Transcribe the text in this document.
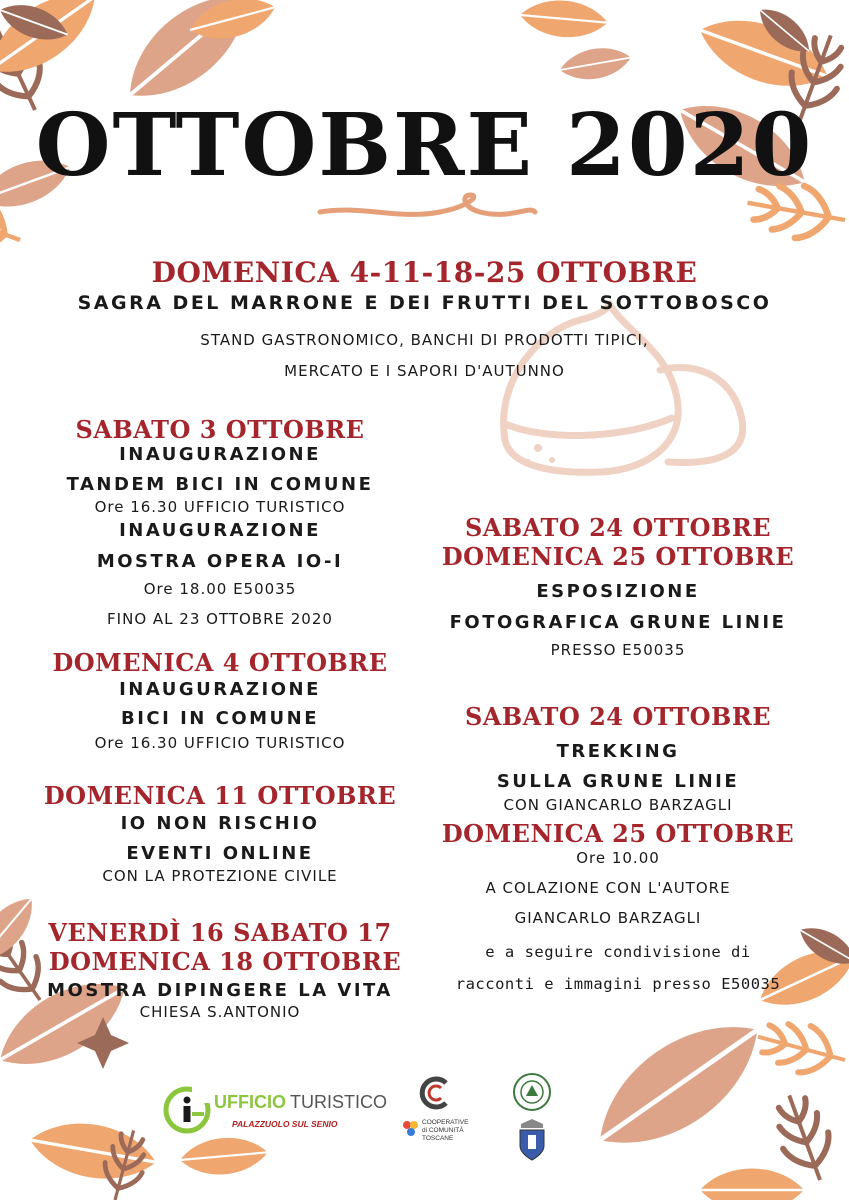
OTTOBRE 2020
DOMENICA 4-11-18-25 OTTOBRE
SAGRA DEL MARRONE E DEI FRUTTI DEL SOTTOBOSCO
STAND GASTRONOMICO, BANCHI DI PRODOTTI TIPICI,
MERCATO E I SAPORI D'AUTUNNO
SABATO 3 OTTOBRE
INAUGURAZIONE
TANDEM BICI IN COMUNE
Ore 16.30 UFFICIO TURISTICO
INAUGURAZIONE
MOSTRA OPERA IO-I
Ore 18.00 E50035
FINO AL 23 OTTOBRE 2020
DOMENICA 4 OTTOBRE
INAUGURAZIONE
BICI IN COMUNE
Ore 16.30 UFFICIO TURISTICO
DOMENICA 11 OTTOBRE
IO NON RISCHIO
EVENTI ONLINE
CON LA PROTEZIONE CIVILE
VENERDÌ 16 SABATO 17
DOMENICA 18 OTTOBRE
MOSTRA DIPINGERE LA VITA
CHIESA S.ANTONIO
SABATO 24 OTTOBRE
DOMENICA 25 OTTOBRE
ESPOSIZIONE
FOTOGRAFICA GRUNE LINIE
PRESSO E50035
SABATO 24 OTTOBRE
TREKKING
SULLA GRUNE LINIE
CON GIANCARLO BARZAGLI
DOMENICA 25 OTTOBRE
Ore 10.00
A COLAZIONE CON L'AUTORE
GIANCARLO BARZAGLI
e a seguire condivisione di
racconti e immagini presso E50035
UFFICIO TURISTICO
PALAZZUOLO SUL SENIO	COOPERATIVE
di COMUNITÀ
TOSCANE
